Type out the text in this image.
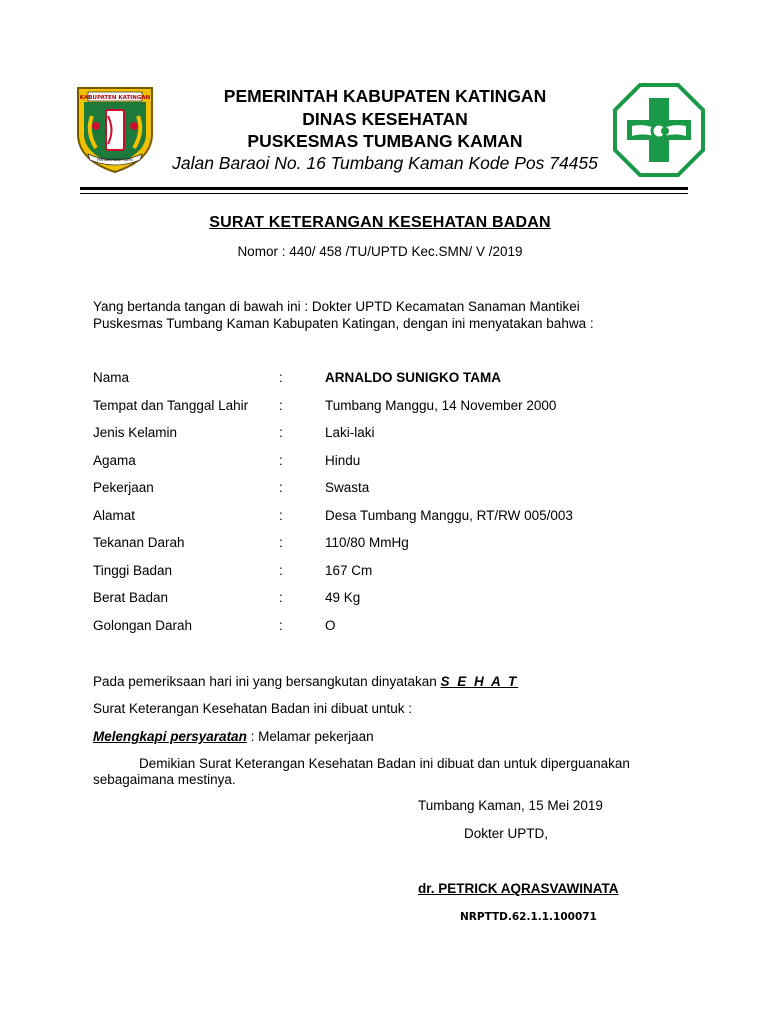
KABUPATEN KATINGAN
PENYANG HINJE SIMPEI
PEMERINTAH KABUPATEN KATINGAN
DINAS KESEHATAN
PUSKESMAS TUMBANG KAMAN
Jalan Baraoi No. 16 Tumbang Kaman Kode Pos 74455
SURAT KETERANGAN KESEHATAN BADAN
Nomor : 440/ 458 /TU/UPTD Kec.SMN/ V /2019
Yang bertanda tangan di bawah ini : Dokter UPTD Kecamatan Sanaman Mantikei
Puskesmas Tumbang Kaman Kabupaten Katingan, dengan ini menyatakan bahwa :
Nama	:	ARNALDO SUNIGKO TAMA
Tempat dan Tanggal Lahir :	Tumbang Manggu, 14 November 2000
Jenis Kelamin	:	Laki-laki
Agama	:	Hindu
Pekerjaan	:	Swasta
Alamat	:	Desa Tumbang Manggu, RT/RW 005/003
Tekanan Darah	:	110/80 MmHg
Tinggi Badan	:	167 Cm
Berat Badan	:	49 Kg
Golongan Darah	:	O
Pada pemeriksaan hari ini yang bersangkutan dinyatakan S E H A T
Surat Keterangan Kesehatan Badan ini dibuat untuk :
Melengkapi persyaratan : Melamar pekerjaan
Demikian Surat Keterangan Kesehatan Badan ini dibuat dan untuk diperguanakan
sebagaimana mestinya.
Tumbang Kaman, 15 Mei 2019
Dokter UPTD,
dr. PETRICK AQRASVAWINATA
NRPTTD.62.1.1.100071
